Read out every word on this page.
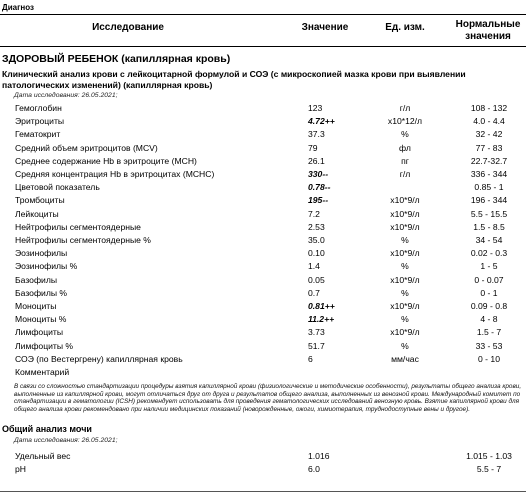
Диагноз
Исследование	Значение	Ед. изм.	Нормальные
значения
ЗДОРОВЫЙ РЕБЕНОК (капиллярная кровь)
Клинический анализ крови с лейкоцитарной формулой и СОЭ (с микроскопией мазка крови при выявлении патологических изменений) (капиллярная кровь)
Дата исследования: 26.05.2021;
Гемоглобин	123	г/л	108 - 132
Эритроциты	4.72++	x10*12/л	4.0 - 4.4
Гематокрит	37.3	%	32 - 42
Средний объем эритроцитов (MCV)	79	фл	77 - 83
Среднее содержание Hb в эритроците (MCH)	26.1	пг	22.7-32.7
Средняя концентрация Hb в эритроцитах (MCHC)	330--	г/л	336 - 344
Цветовой показатель	0.78--	0.85 - 1
Тромбоциты	195--	x10*9/л	196 - 344
Лейкоциты	7.2	x10*9/л	5.5 - 15.5
Нейтрофилы сегментоядерные	2.53	x10*9/л	1.5 - 8.5
Нейтрофилы сегментоядерные %	35.0	%	34 - 54
Эозинофилы	0.10	x10*9/л	0.02 - 0.3
Эозинофилы %	1.4	%	1 - 5
Базофилы	0.05	x10*9/л	0 - 0.07
Базофилы %	0.7	%	0 - 1
Моноциты	0.81++	x10*9/л	0.09 - 0.8
Моноциты %	11.2++	%	4 - 8
Лимфоциты	3.73	x10*9/л	1.5 - 7
Лимфоциты %	51.7	%	33 - 53
СОЭ (по Вестергрену) капиллярная кровь	6	мм/час	0 - 10
Комментарий
В связи со сложностью стандартизации процедуры взятия капиллярной крови (физиологические и методические особенности), результаты общего анализа крови, выполненные из капиллярной крови, могут отличаться друг от друга и результатов общего анализа, выполненных из венозной крови. Международный комитет по стандартизации в гематологии (ICSH) рекомендует использовать для проведения гематологических исследований венозную кровь. Взятие капиллярной крови для общего анализа крови рекомендовано при наличии медицинских показаний (новорожденные, ожоги, химиотерапия, труднодоступные вены и другое).
Общий анализ мочи
Дата исследования: 26.05.2021;
Удельный вес	1.016	1.015 - 1.03
pH	6.0	5.5 - 7
